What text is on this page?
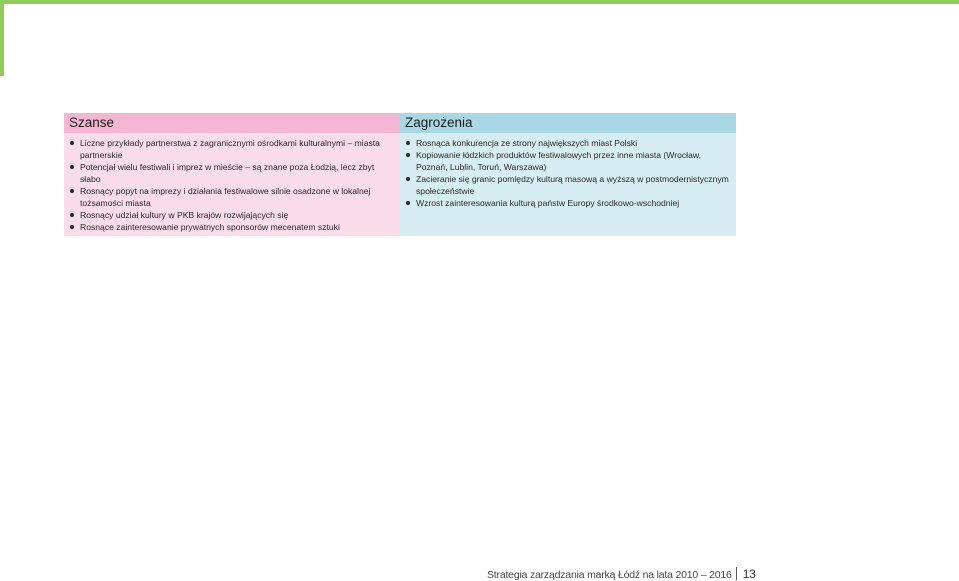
Szanse
Liczne przykłady partnerstwa z zagranicznymi ośrodkami kulturalnymi – miasta partnerskie
Potencjał wielu festiwali i imprez w mieście – są znane poza Łodzią, lecz zbyt słabo
Rosnący popyt na imprezy i działania festiwalowe silnie osadzone w lokalnej tożsamości miasta
Rosnący udział kultury w PKB krajów rozwijających się
Rosnące zainteresowanie prywatnych sponsorów mecenatem sztuki
Zagrożenia
Rosnąca konkurencja ze strony największych miast Polski
Kopiowanie łódzkich produktów festiwalowych przez inne miasta (Wrocław, Poznań, Lublin, Toruń, Warszawa)
Zacieranie się granic pomiędzy kulturą masową a wyższą w postmodernistycznym społeczeństwie
Wzrost zainteresowania kulturą państw Europy środkowo-wschodniej
Strategia zarządzania marką Łódź na lata 2010 – 2016 13
